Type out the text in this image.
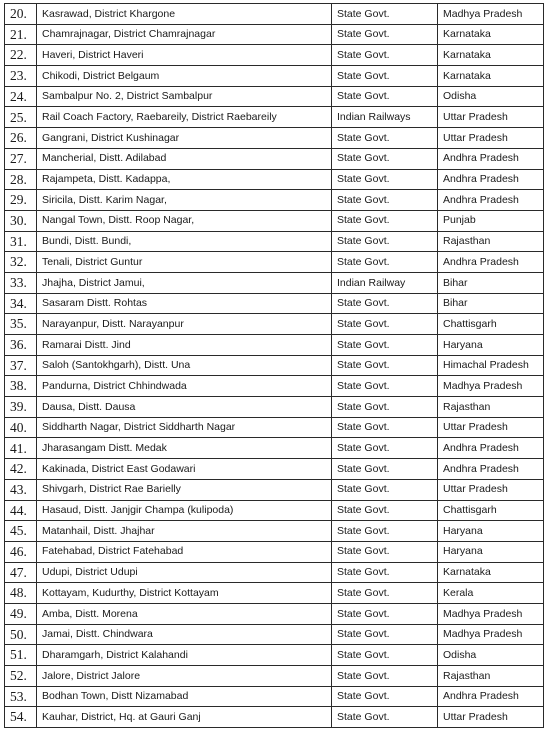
20.	Kasrawad, District Khargone	State Govt.	Madhya Pradesh
21.	Chamrajnagar, District Chamrajnagar	State Govt.	Karnataka
22.	Haveri, District Haveri	State Govt.	Karnataka
23.	Chikodi, District Belgaum	State Govt.	Karnataka
24.	Sambalpur No. 2, District Sambalpur	State Govt.	Odisha
25.	Rail Coach Factory, Raebareily, District Raebareily	Indian Railways	Uttar Pradesh
26.	Gangrani, District Kushinagar	State Govt.	Uttar Pradesh
27.	Mancherial, Distt. Adilabad	State Govt.	Andhra Pradesh
28.	Rajampeta, Distt. Kadappa,	State Govt.	Andhra Pradesh
29.	Siricila, Distt. Karim Nagar,	State Govt.	Andhra Pradesh
30.	Nangal Town, Distt. Roop Nagar,	State Govt.	Punjab
31.	Bundi, Distt. Bundi,	State Govt.	Rajasthan
32.	Tenali, District Guntur	State Govt.	Andhra Pradesh
33.	Jhajha, District Jamui,	Indian Railway	Bihar
34.	Sasaram Distt. Rohtas	State Govt.	Bihar
35.	Narayanpur, Distt. Narayanpur	State Govt.	Chattisgarh
36.	Ramarai Distt. Jind	State Govt.	Haryana
37.	Saloh (Santokhgarh), Distt. Una	State Govt.	Himachal Pradesh
38.	Pandurna, District Chhindwada	State Govt.	Madhya Pradesh
39.	Dausa, Distt. Dausa	State Govt.	Rajasthan
40.	Siddharth Nagar, District Siddharth Nagar	State Govt.	Uttar Pradesh
41.	Jharasangam Distt. Medak	State Govt.	Andhra Pradesh
42.	Kakinada, District East Godawari	State Govt.	Andhra Pradesh
43.	Shivgarh, District Rae Barielly	State Govt.	Uttar Pradesh
44.	Hasaud, Distt. Janjgir Champa (kulipoda)	State Govt.	Chattisgarh
45.	Matanhail, Distt. Jhajhar	State Govt.	Haryana
46.	Fatehabad, District Fatehabad	State Govt.	Haryana
47.	Udupi, District Udupi	State Govt.	Karnataka
48.	Kottayam, Kudurthy, District Kottayam	State Govt.	Kerala
49.	Amba, Distt. Morena	State Govt.	Madhya Pradesh
50.	Jamai, Distt. Chindwara	State Govt.	Madhya Pradesh
51.	Dharamgarh, District Kalahandi	State Govt.	Odisha
52.	Jalore, District Jalore	State Govt.	Rajasthan
53.	Bodhan Town, Distt Nizamabad	State Govt.	Andhra Pradesh
54.	Kauhar, District, Hq. at Gauri Ganj	State Govt.	Uttar Pradesh
